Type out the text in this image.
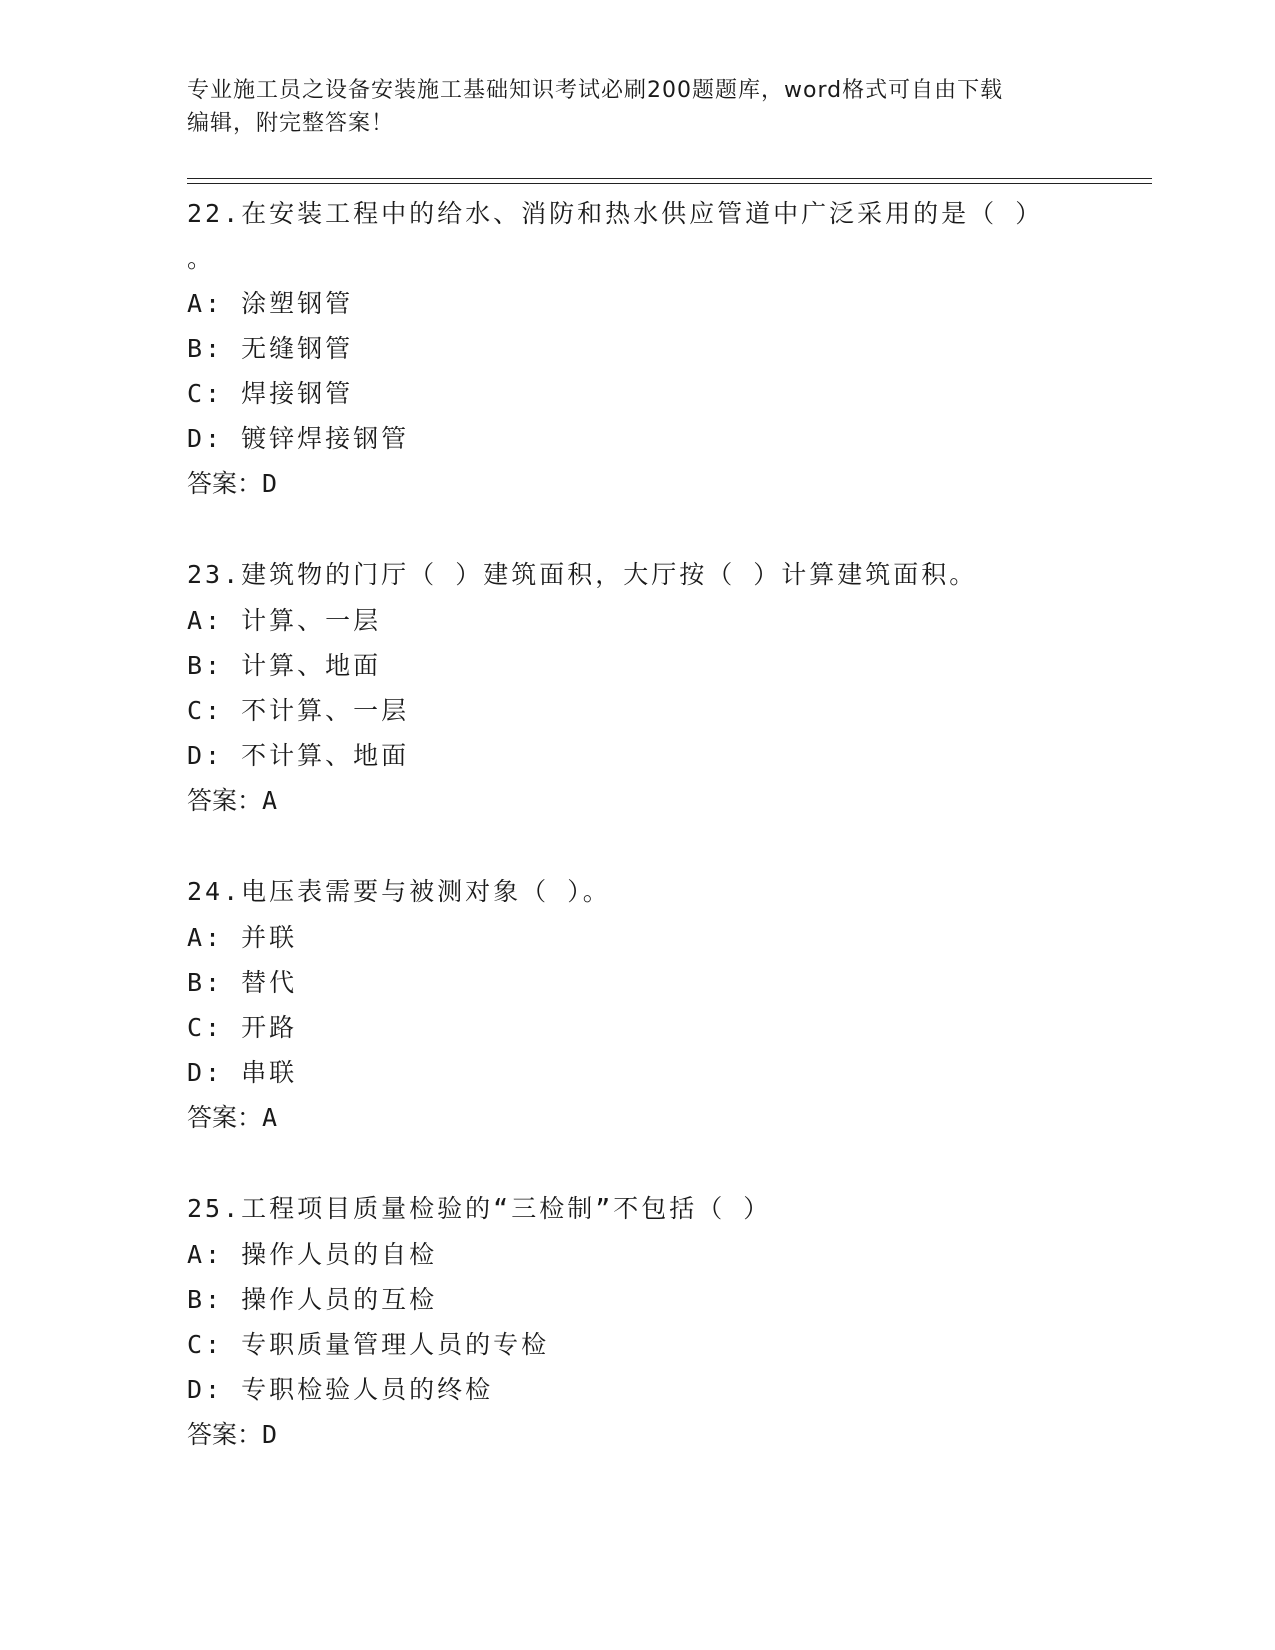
专业施工员之设备安装施工基础知识考试必刷200题题库，word格式可自由下载
编辑，附完整答案！

22.在安装工程中的给水、消防和热水供应管道中广泛采用的是（ ）

。

A: 涂塑钢管

B: 无缝钢管

C: 焊接钢管

D: 镀锌焊接钢管

答案：D

23.建筑物的门厅（ ）建筑面积，大厅按（ ）计算建筑面积。

A: 计算、一层

B: 计算、地面

C: 不计算、一层

D: 不计算、地面

答案：A

24.电压表需要与被测对象（ ）。

A: 并联

B: 替代

C: 开路

D: 串联

答案：A

25.工程项目质量检验的“三检制”不包括（ ）

A: 操作人员的自检

B: 操作人员的互检

C: 专职质量管理人员的专检

D: 专职检验人员的终检

答案：D
